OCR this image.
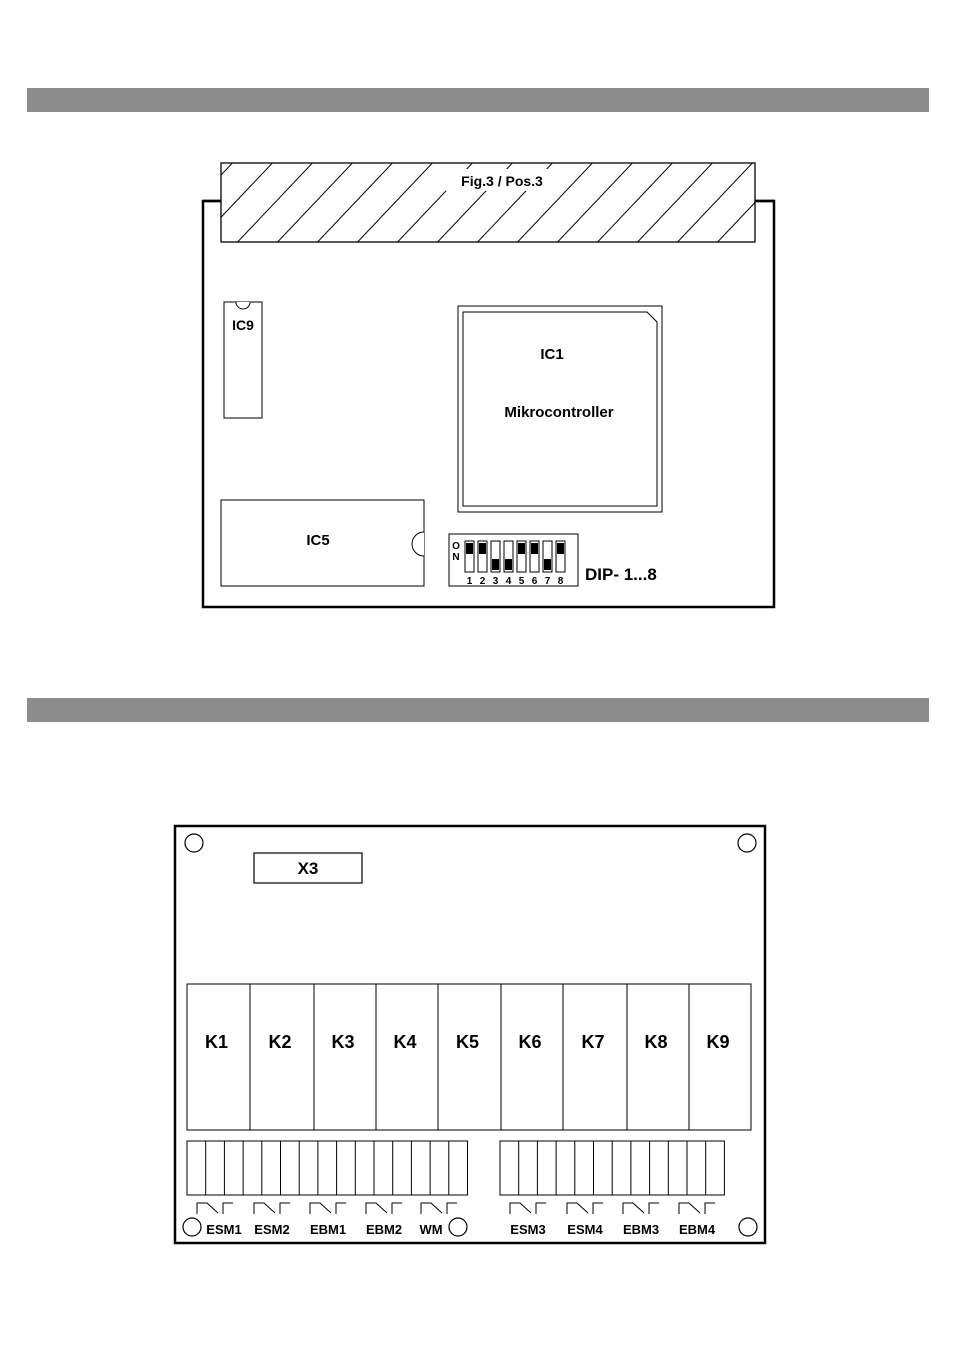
Fig.3 / Pos.3
IC9
IC1
Mikrocontroller
IC5	O
N
1 2 3 4 5 6 7 8 DIP- 1...8
X3
K1 K2 K3 K4 K5 K6 K7 K8 K9
ESM1 ESM2 EBM1 EBM2 WM	ESM3 ESM4 EBM3 EBM4
